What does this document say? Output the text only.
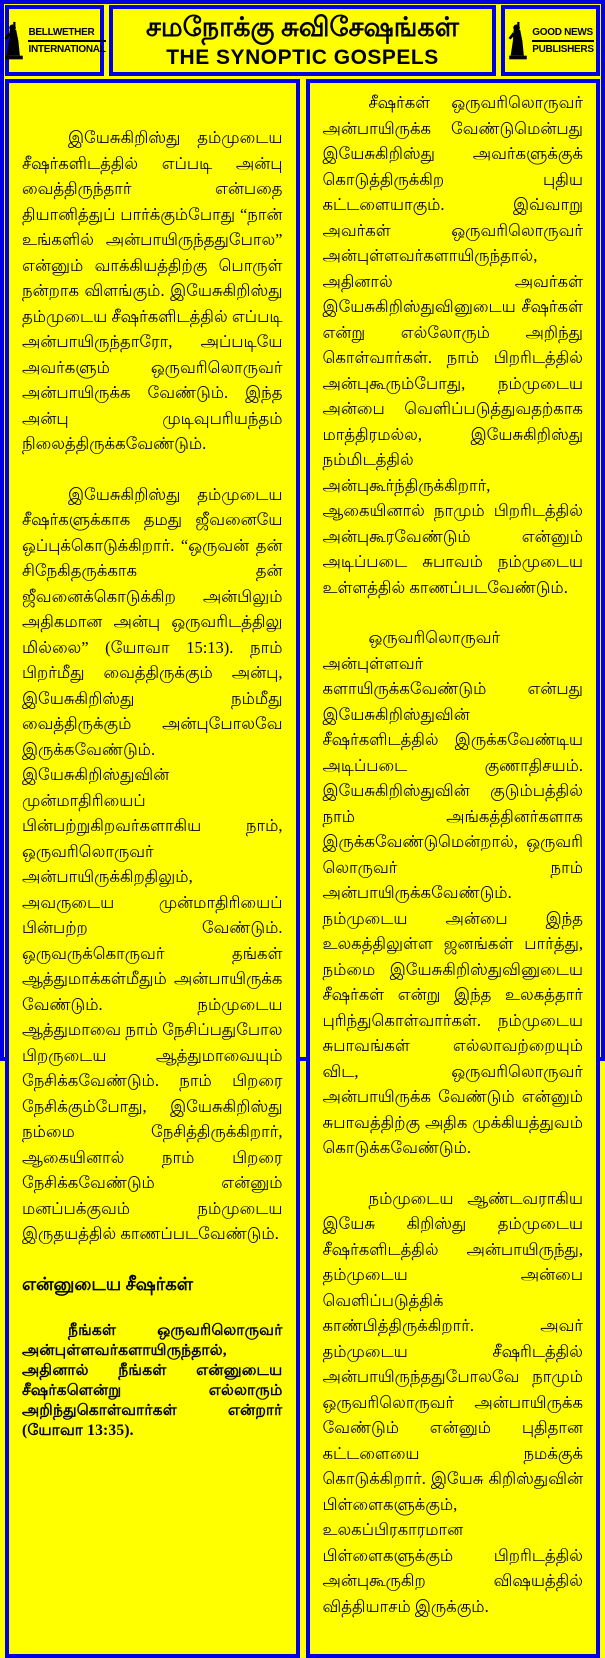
BELLWETHER
INTERNATIONAL
சமநோக்கு சுவிசேஷங்கள்
THE SYNOPTIC GOSPELS
GOOD NEWS
PUBLISHERS

இயேசுகிறிஸ்து தம்முடைய சீஷர்களிடத்தில் எப்படி அன்பு வைத்திருந்தார் என்பதை தியானித்துப் பார்க்கும்போது “நான் உங்களில் அன்பாயிருந்ததுபோல” என்னும் வாக்கியத்திற்கு பொருள் நன்றாக விளங்கும். இயேசுகிறிஸ்து தம்முடைய சீஷர்களிடத்தில் எப்படி அன்பாயிருந்தாரோ, அப்படியே அவர்களும் ஒருவரிலொருவர் அன்பாயிருக்க வேண்டும். இந்த அன்பு முடிவுபரியந்தம் நிலைத்திருக்கவேண்டும்.

இயேசுகிறிஸ்து தம்முடைய சீஷர்களுக்காக தமது ஜீவனையே ஒப்புக்கொடுக்கிறார். “ஒருவன் தன் சிநேகிதருக்காக தன் ஜீவனைக்கொடுக்கிற அன்பிலும் அதிகமான அன்பு ஒருவரிடத்திலு மில்லை” (யோவா 15:13). நாம் பிறர்மீது வைத்திருக்கும் அன்பு, இயேசுகிறிஸ்து நம்மீது வைத்திருக்கும் அன்புபோலவே இருக்கவேண்டும். இயேசுகிறிஸ்துவின் முன்மாதிரியைப் பின்பற்றுகிறவர்களாகிய நாம், ஒருவரிலொருவர் அன்பாயிருக்கிறதிலும், அவருடைய முன்மாதிரியைப் பின்பற்ற வேண்டும். ஒருவருக்கொருவர் தங்கள் ஆத்துமாக்கள்மீதும் அன்பாயிருக்க வேண்டும். நம்முடைய ஆத்துமாவை நாம் நேசிப்பதுபோல பிறருடைய ஆத்துமாவையும் நேசிக்கவேண்டும். நாம் பிறரை நேசிக்கும்போது, இயேசுகிறிஸ்து நம்மை நேசித்திருக்கிறார், ஆகையினால் நாம் பிறரை நேசிக்கவேண்டும் என்னும் மனப்பக்குவம் நம்முடைய இருதயத்தில் காணப்படவேண்டும்.

என்னுடைய சீஷர்கள்

நீங்கள் ஒருவரிலொருவர் அன்புள்ளவர்களாயிருந்தால், அதினால் நீங்கள் என்னுடைய சீஷர்களென்று எல்லாரும் அறிந்துகொள்வார்கள் என்றார் (யோவா 13:35).

சீஷர்கள் ஒருவரிலொருவர் அன்பாயிருக்க வேண்டுமென்பது இயேசுகிறிஸ்து அவர்களுக்குக் கொடுத்திருக்கிற புதிய கட்டளையாகும். இவ்வாறு அவர்கள் ஒருவரிலொருவர் அன்புள்ளவர்களாயிருந்தால், அதினால் அவர்கள் இயேசுகிறிஸ்துவினுடைய சீஷர்கள் என்று எல்லோரும் அறிந்து கொள்வார்கள். நாம் பிறரிடத்தில் அன்புகூரும்போது, நம்முடைய அன்பை வெளிப்படுத்துவதற்காக மாத்திரமல்ல, இயேசுகிறிஸ்து நம்மிடத்தில் அன்புகூர்ந்திருக்கிறார், ஆகையினால் நாமும் பிறரிடத்தில் அன்புகூரவேண்டும் என்னும் அடிப்படை சுபாவம் நம்முடைய உள்ளத்தில் காணப்படவேண்டும்.

ஒருவரிலொருவர் அன்புள்ளவர் களாயிருக்கவேண்டும் என்பது இயேசுகிறிஸ்துவின் சீஷர்களிடத்தில் இருக்கவேண்டிய அடிப்படை குணாதிசயம். இயேசுகிறிஸ்துவின் குடும்பத்தில் நாம் அங்கத்தினர்களாக இருக்கவேண்டுமென்றால், ஒருவரி லொருவர் நாம் அன்பாயிருக்கவேண்டும். நம்முடைய அன்பை இந்த உலகத்திலுள்ள ஜனங்கள் பார்த்து, நம்மை இயேசுகிறிஸ்துவினுடைய சீஷர்கள் என்று இந்த உலகத்தார் புரிந்துகொள்வார்கள். நம்முடைய சுபாவங்கள் எல்லாவற்றையும் விட, ஒருவரிலொருவர் அன்பாயிருக்க வேண்டும் என்னும் சுபாவத்திற்கு அதிக முக்கியத்துவம் கொடுக்கவேண்டும்.

நம்முடைய ஆண்டவராகிய இயேசு கிறிஸ்து தம்முடைய சீஷர்களிடத்தில் அன்பாயிருந்து, தம்முடைய அன்பை வெளிப்படுத்திக் காண்பித்திருக்கிறார். அவர் தம்முடைய சீஷரிடத்தில் அன்பாயிருந்ததுபோலவே நாமும் ஒருவரிலொருவர் அன்பாயிருக்க வேண்டும் என்னும் புதிதான கட்டளையை நமக்குக் கொடுக்கிறார். இயேசு கிறிஸ்துவின் பிள்ளைகளுக்கும், உலகப்பிரகாரமான பிள்ளைகளுக்கும் பிறரிடத்தில் அன்புகூருகிற விஷயத்தில் வித்தியாசம் இருக்கும்.
